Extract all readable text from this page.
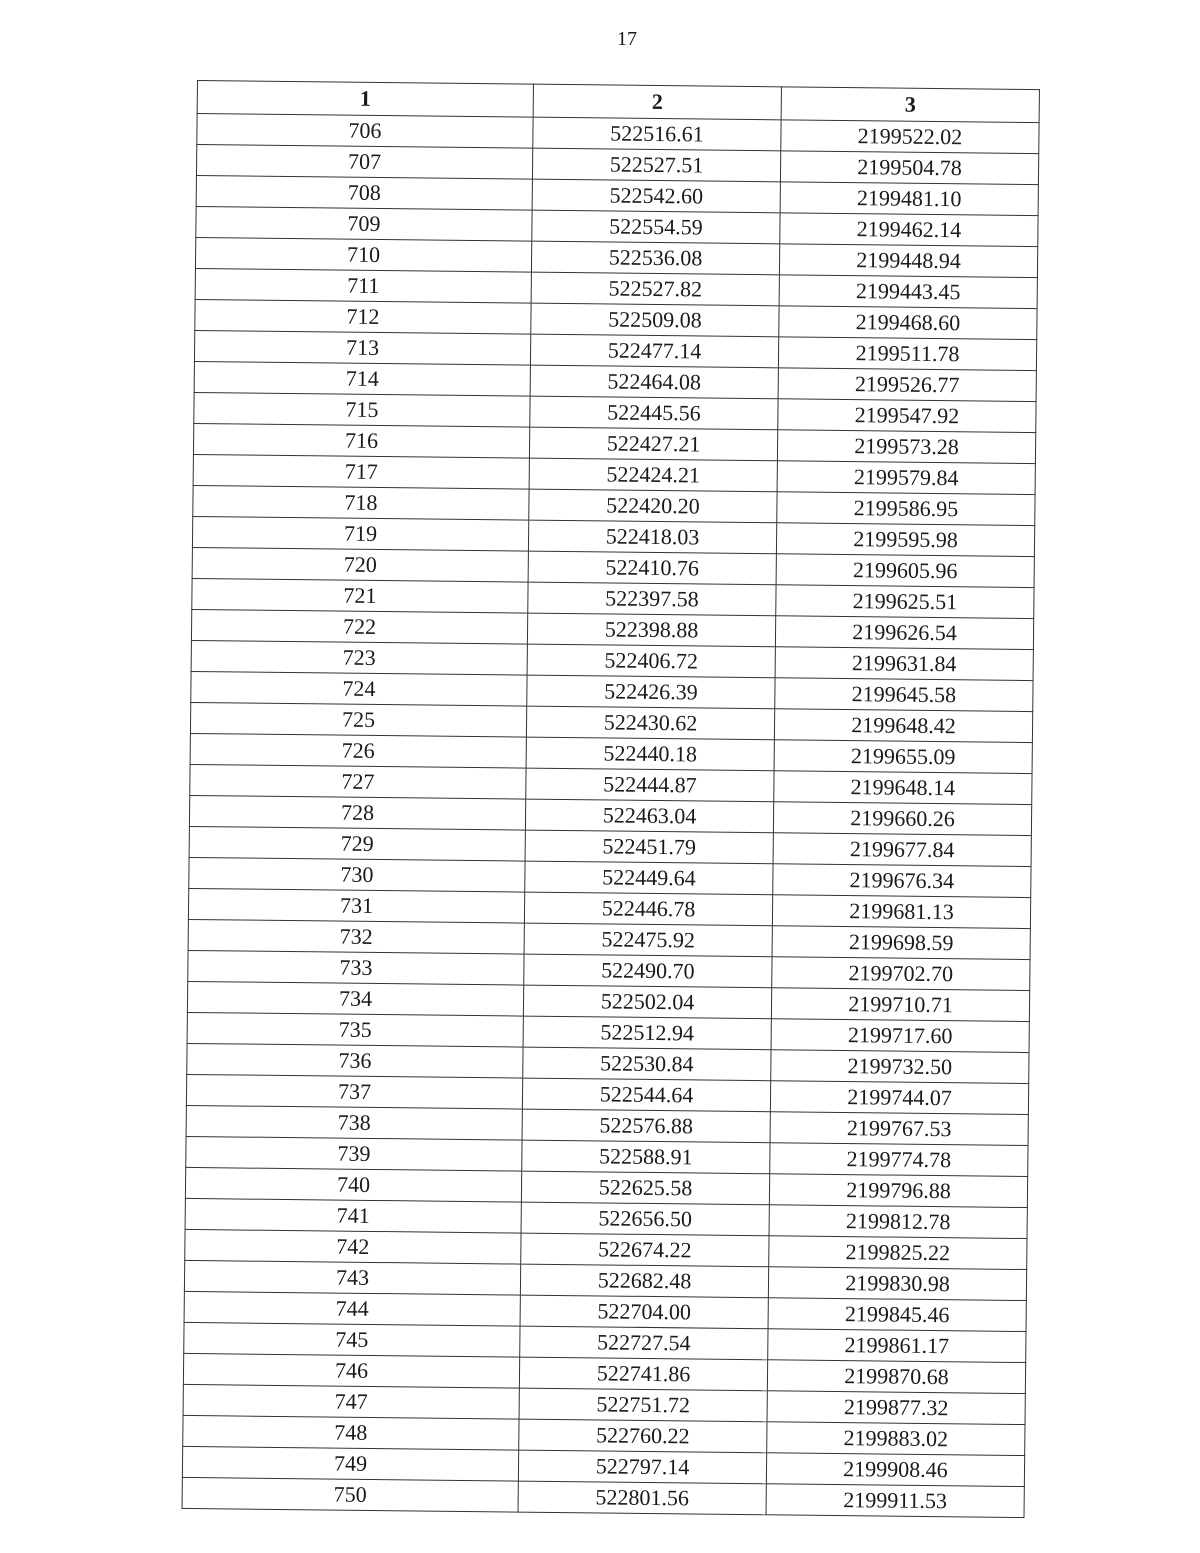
17
1	2	3
706	522516.61	2199522.02
707	522527.51	2199504.78
708	522542.60	2199481.10
709	522554.59	2199462.14
710	522536.08	2199448.94
711	522527.82	2199443.45
712	522509.08	2199468.60
713	522477.14	2199511.78
714	522464.08	2199526.77
715	522445.56	2199547.92
716	522427.21	2199573.28
717	522424.21	2199579.84
718	522420.20	2199586.95
719	522418.03	2199595.98
720	522410.76	2199605.96
721	522397.58	2199625.51
722	522398.88	2199626.54
723	522406.72	2199631.84
724	522426.39	2199645.58
725	522430.62	2199648.42
726	522440.18	2199655.09
727	522444.87	2199648.14
728	522463.04	2199660.26
729	522451.79	2199677.84
730	522449.64	2199676.34
731	522446.78	2199681.13
732	522475.92	2199698.59
733	522490.70	2199702.70
734	522502.04	2199710.71
735	522512.94	2199717.60
736	522530.84	2199732.50
737	522544.64	2199744.07
738	522576.88	2199767.53
739	522588.91	2199774.78
740	522625.58	2199796.88
741	522656.50	2199812.78
742	522674.22	2199825.22
743	522682.48	2199830.98
744	522704.00	2199845.46
745	522727.54	2199861.17
746	522741.86	2199870.68
747	522751.72	2199877.32
748	522760.22	2199883.02
749	522797.14	2199908.46
750	522801.56	2199911.53
